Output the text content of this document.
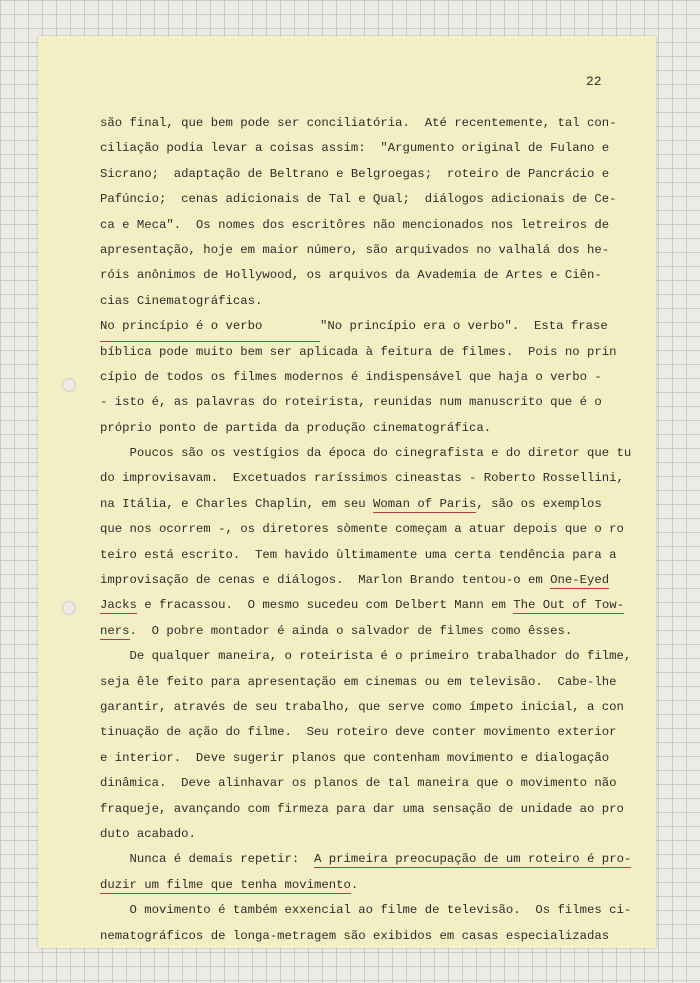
22
são final, que bem pode ser conciliatória.  Até recentemente, tal con-
ciliação podia levar a coisas assim:  "Argumento original de Fulano e
Sicrano;  adaptação de Beltrano e Belgroegas;  roteiro de Pancrácio e
Pafúncio;  cenas adicionais de Tal e Qual;  diálogos adicionais de Ce-
ca e Meca".  Os nomes dos escritôres não mencionados nos letreiros de
apresentação, hoje em maior número, são arquivados no valhalá dos he-
róis anônimos de Hollywood, os arquivos da Avademia de Artes e Ciên-
cias Cinematográficas.
No princípio é o verbo	"No princípio era o verbo".  Esta frase
bíblica pode muito bem ser aplicada à feitura de filmes.  Pois no prin
cípio de todos os filmes modernos é indispensável que haja o verbo -
- isto é, as palavras do roteirista, reunidas num manuscrito que é o
próprio ponto de partida da produção cinematográfica.
Poucos são os vestígios da época do cinegrafista e do diretor que tu
do improvisavam.  Excetuados raríssimos cineastas - Roberto Rossellini,
na Itália, e Charles Chaplin, em seu Woman of Paris, são os exemplos
que nos ocorrem -, os diretores sòmente começam a atuar depois que o ro
teiro está escrito.  Tem havido ùltimamente uma certa tendência para a
improvisação de cenas e diálogos.  Marlon Brando tentou-o em One-Eyed
Jacks e fracassou.  O mesmo sucedeu com Delbert Mann em The Out of Tow-
ners.  O pobre montador é ainda o salvador de filmes como êsses.
De qualquer maneira, o roteirista é o primeiro trabalhador do filme,
seja êle feito para apresentação em cinemas ou em televisão.  Cabe-lhe
garantir, através de seu trabalho, que serve como ímpeto inicial, a con
tinuação de ação do filme.  Seu roteiro deve conter movimento exterior
e interior.  Deve sugerir planos que contenham movimento e dialogação
dinâmica.  Deve alinhavar os planos de tal maneira que o movimento não
fraqueje, avançando com firmeza para dar uma sensação de unidade ao pro
duto acabado.
Nunca é demais repetir:  A primeira preocupação de um roteiro é pro-
duzir um filme que tenha movimento.
O movimento é também exxencial ao filme de televisão.  Os filmes ci-
nematográficos de longa-metragem são exibidos em casas especializadas
